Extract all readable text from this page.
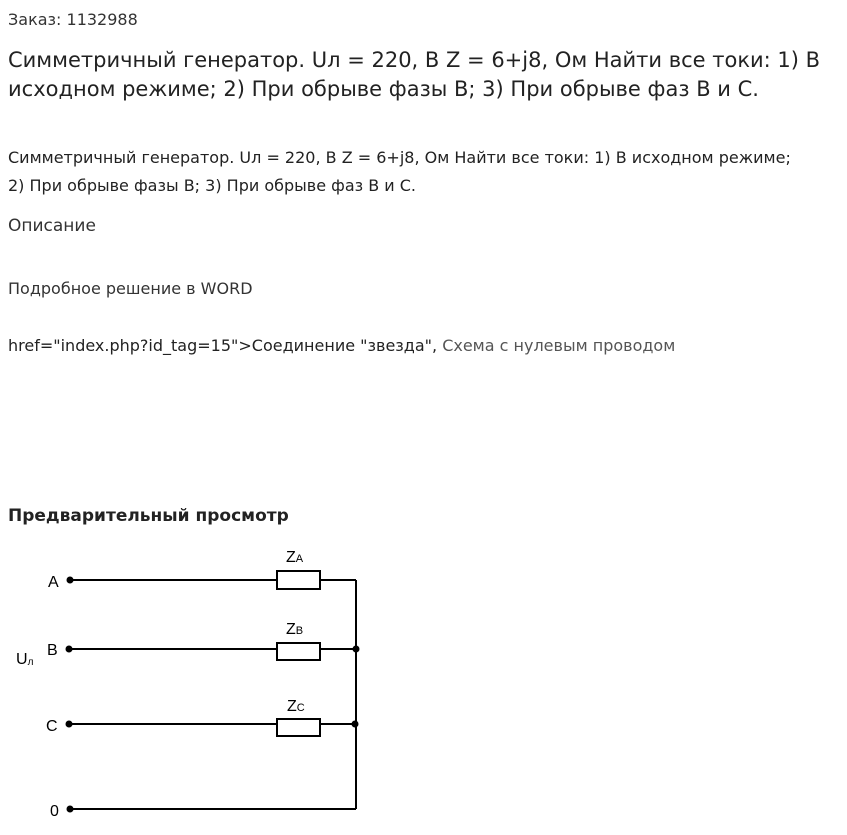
Заказ: 1132988
Симметричный генератор. Uл = 220, В Z = 6+j8, Ом Найти все токи: 1) В исходном режиме; 2) При обрыве фазы В; 3) При обрыве фаз В и С.
Симметричный генератор. Uл = 220, В Z = 6+j8, Ом Найти все токи: 1) В исходном режиме; 2) При обрыве фазы В; 3) При обрыве фаз В и С.
Описание
Подробное решение в WORD
href="index.php?id_tag=15">Соединение "звезда", Схема с нулевым проводом
Предварительный просмотр
A
B
C
0
Uл
ZA
ZB
ZC
